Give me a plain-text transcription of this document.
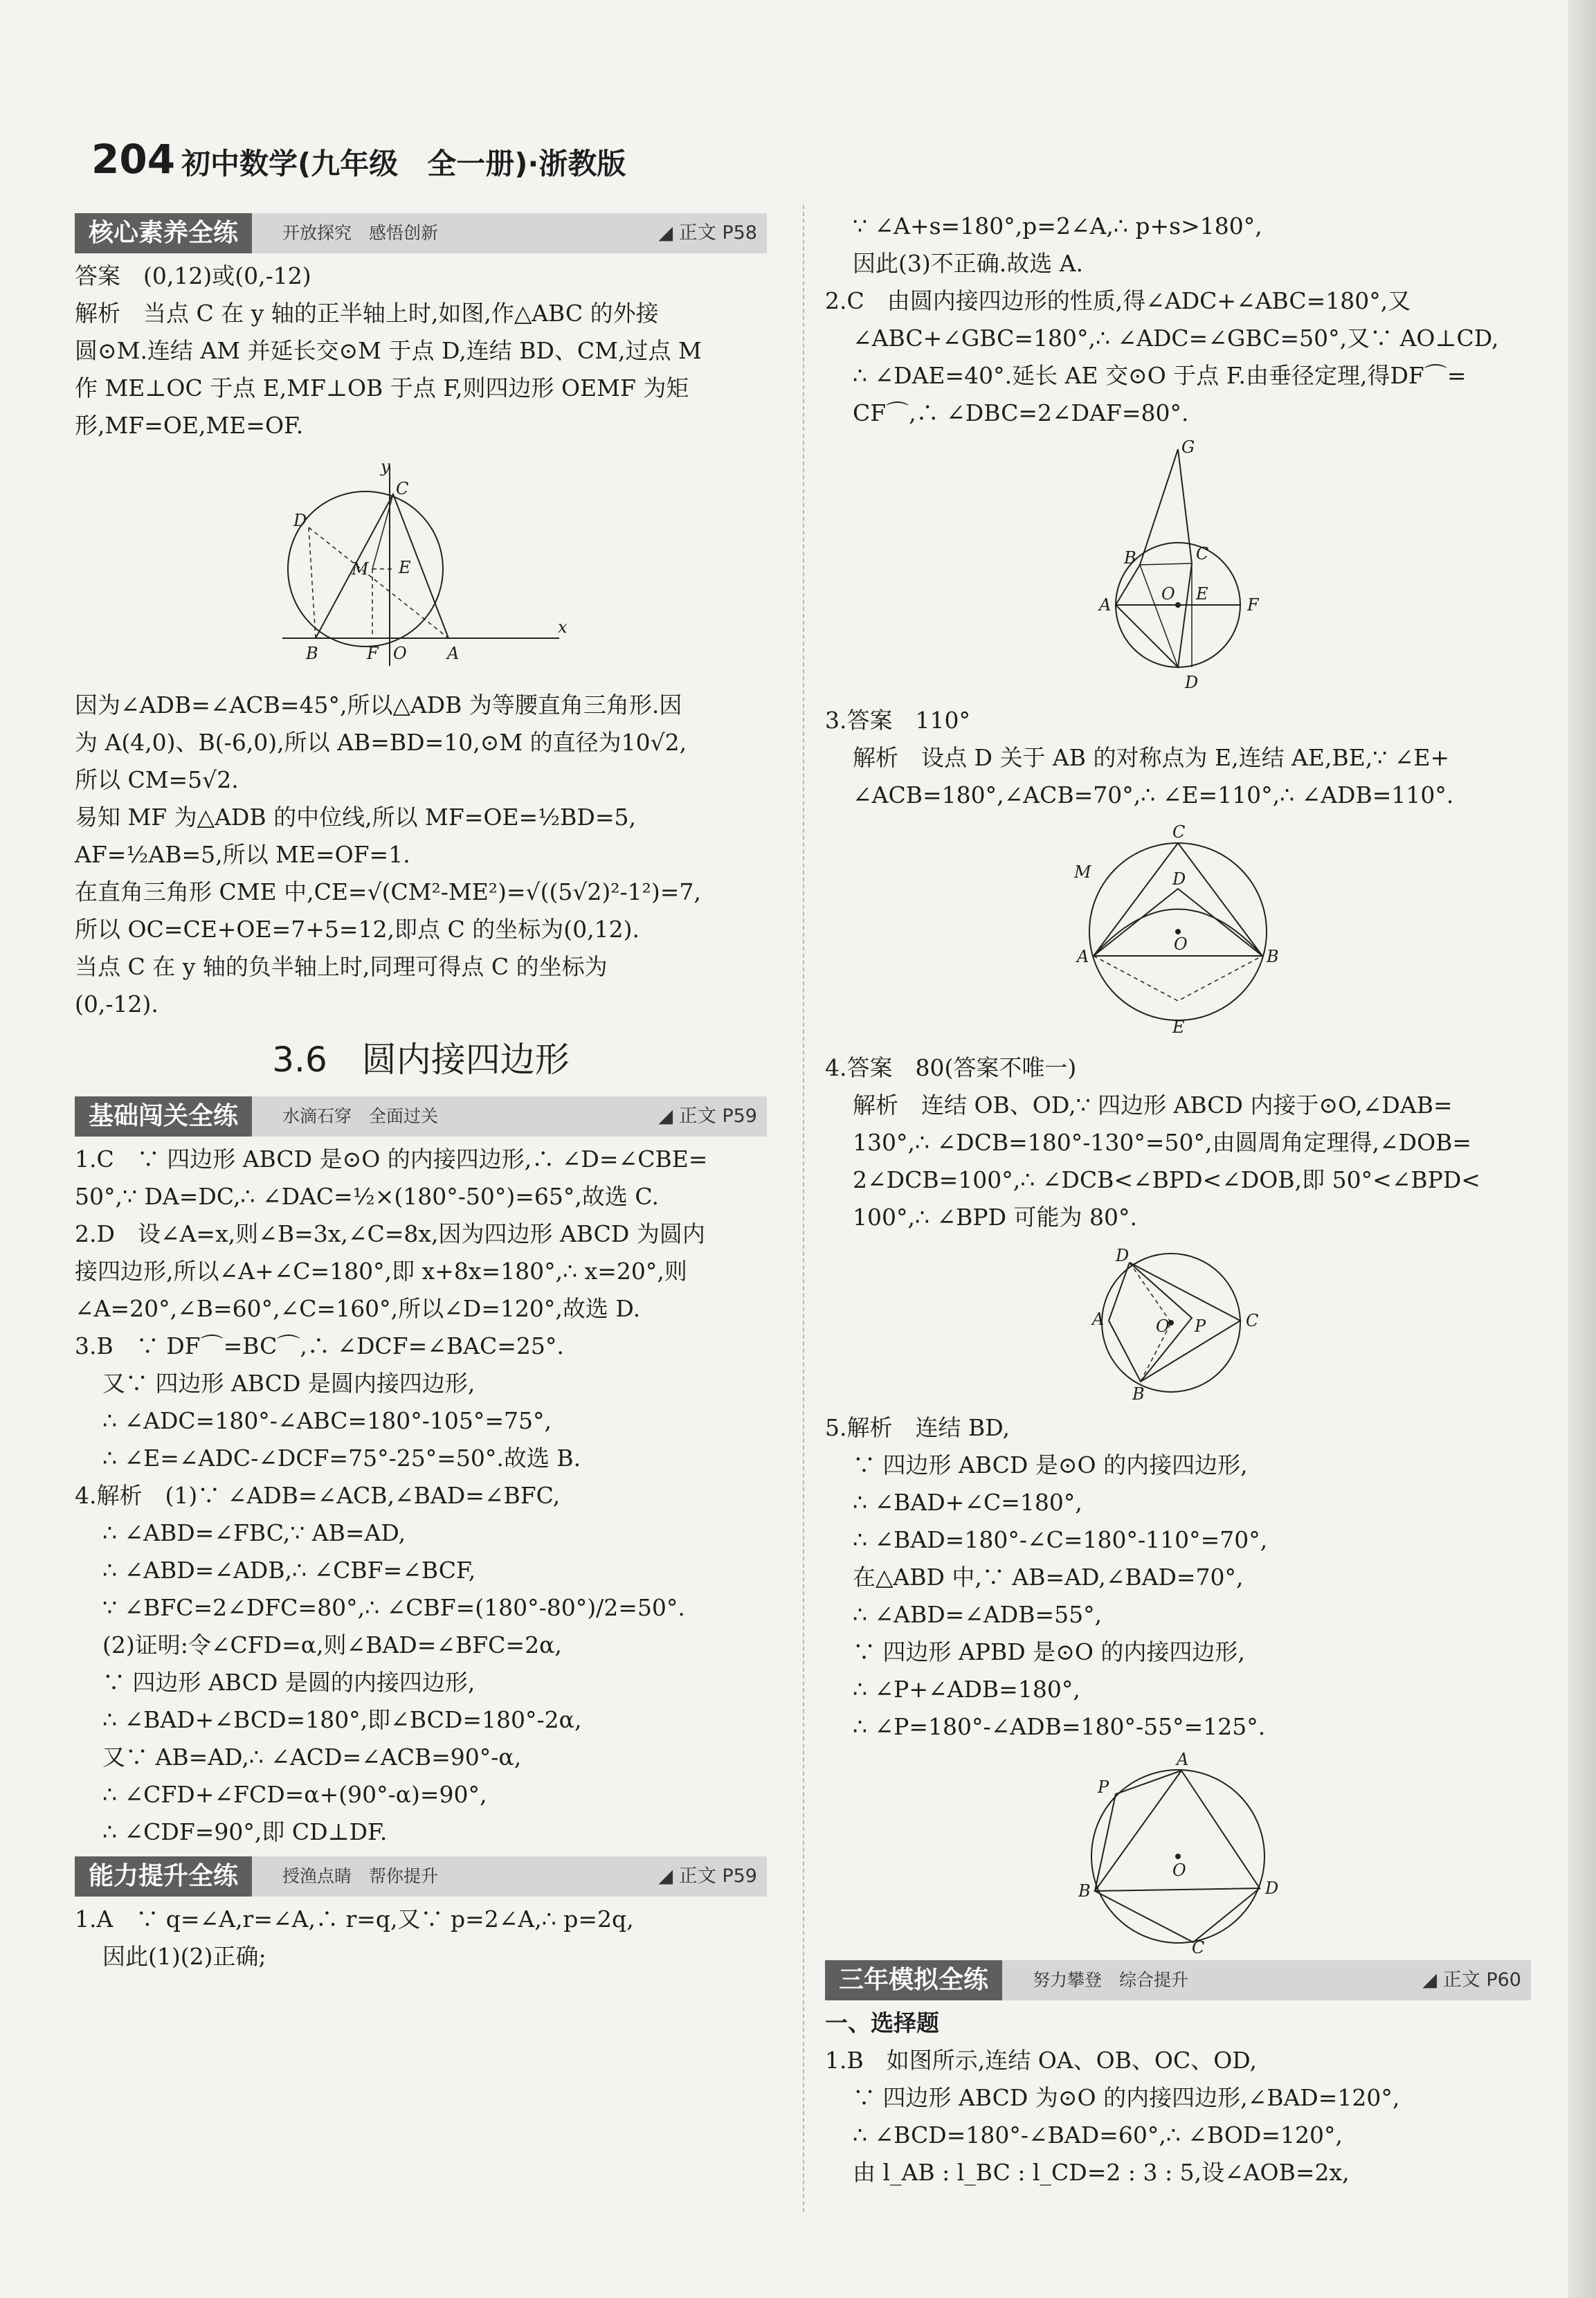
204 初中数学(九年级　全一册)·浙教版
核心素养全练	开放探究　感悟创新	◢ 正文 P58

答案　(0,12)或(0,-12)

解析　当点 C 在 y 轴的正半轴上时,如图,作△ABC 的外接

圆⊙M.连结 AM 并延长交⊙M 于点 D,连结 BD、CM,过点 M

作 ME⊥OC 于点 E,MF⊥OB 于点 F,则四边形 OEMF 为矩

形,MF=OE,ME=OF.

y
x
C
D
M E
B	F O A

因为∠ADB=∠ACB=45°,所以△ADB 为等腰直角三角形.因

为 A(4,0)、B(-6,0),所以 AB=BD=10,⊙M 的直径为10√2,

所以 CM=5√2.

易知 MF 为△ADB 的中位线,所以 MF=OE=½BD=5,

AF=½AB=5,所以 ME=OF=1.

在直角三角形 CME 中,CE=√(CM²-ME²)=√((5√2)²-1²)=7,

所以 OC=CE+OE=7+5=12,即点 C 的坐标为(0,12).

当点 C 在 y 轴的负半轴上时,同理可得点 C 的坐标为

(0,-12).

3.6　圆内接四边形
基础闯关全练	水滴石穿　全面过关	◢ 正文 P59

1.C　∵ 四边形 ABCD 是⊙O 的内接四边形,∴ ∠D=∠CBE=

50°,∵ DA=DC,∴ ∠DAC=½×(180°-50°)=65°,故选 C.

2.D　设∠A=x,则∠B=3x,∠C=8x,因为四边形 ABCD 为圆内

接四边形,所以∠A+∠C=180°,即 x+8x=180°,∴ x=20°,则

∠A=20°,∠B=60°,∠C=160°,所以∠D=120°,故选 D.

3.B　∵ DF⌒=BC⌒,∴ ∠DCF=∠BAC=25°.

又∵ 四边形 ABCD 是圆内接四边形,

∴ ∠ADC=180°-∠ABC=180°-105°=75°,

∴ ∠E=∠ADC-∠DCF=75°-25°=50°.故选 B.

4.解析　(1)∵ ∠ADB=∠ACB,∠BAD=∠BFC,

∴ ∠ABD=∠FBC,∵ AB=AD,

∴ ∠ABD=∠ADB,∴ ∠CBF=∠BCF,

∵ ∠BFC=2∠DFC=80°,∴ ∠CBF=(180°-80°)/2=50°.

(2)证明:令∠CFD=α,则∠BAD=∠BFC=2α,

∵ 四边形 ABCD 是圆的内接四边形,

∴ ∠BAD+∠BCD=180°,即∠BCD=180°-2α,

又∵ AB=AD,∴ ∠ACD=∠ACB=90°-α,

∴ ∠CFD+∠FCD=α+(90°-α)=90°,

∴ ∠CDF=90°,即 CD⊥DF.

能力提升全练	授渔点睛　帮你提升	◢ 正文 P59

1.A　∵ q=∠A,r=∠A,∴ r=q,又∵ p=2∠A,∴ p=2q,

因此(1)(2)正确;

∵ ∠A+s=180°,p=2∠A,∴ p+s>180°,

因此(3)不正确.故选 A.

2.C　由圆内接四边形的性质,得∠ADC+∠ABC=180°,又

∠ABC+∠GBC=180°,∴ ∠ADC=∠GBC=50°,又∵ AO⊥CD,

∴ ∠DAE=40°.延长 AE 交⊙O 于点 F.由垂径定理,得DF⌒=

CF⌒,∴ ∠DBC=2∠DAF=80°.

G
B	C
A
O E
F
D

3.答案　110°

解析　设点 D 关于 AB 的对称点为 E,连结 AE,BE,∵ ∠E+

∠ACB=180°,∠ACB=70°,∴ ∠E=110°,∴ ∠ADB=110°.

C
M	D
O
A	B
E

4.答案　80(答案不唯一)

解析　连结 OB、OD,∵ 四边形 ABCD 内接于⊙O,∠DAB=

130°,∴ ∠DCB=180°-130°=50°,由圆周角定理得,∠DOB=

2∠DCB=100°,∴ ∠DCB<∠BPD<∠DOB,即 50°<∠BPD<

100°,∴ ∠BPD 可能为 80°.

D
A	O P C
B

5.解析　连结 BD,

∵ 四边形 ABCD 是⊙O 的内接四边形,

∴ ∠BAD+∠C=180°,

∴ ∠BAD=180°-∠C=180°-110°=70°,

在△ABD 中,∵ AB=AD,∠BAD=70°,

∴ ∠ABD=∠ADB=55°,

∵ 四边形 APBD 是⊙O 的内接四边形,

∴ ∠P+∠ADB=180°,

∴ ∠P=180°-∠ADB=180°-55°=125°.

A
P
O
B	D
C
三年模拟全练	努力攀登　综合提升	◢ 正文 P60

一、选择题

1.B　如图所示,连结 OA、OB、OC、OD,

∵ 四边形 ABCD 为⊙O 的内接四边形,∠BAD=120°,

∴ ∠BCD=180°-∠BAD=60°,∴ ∠BOD=120°,

由 l_AB : l_BC : l_CD=2 : 3 : 5,设∠AOB=2x,
